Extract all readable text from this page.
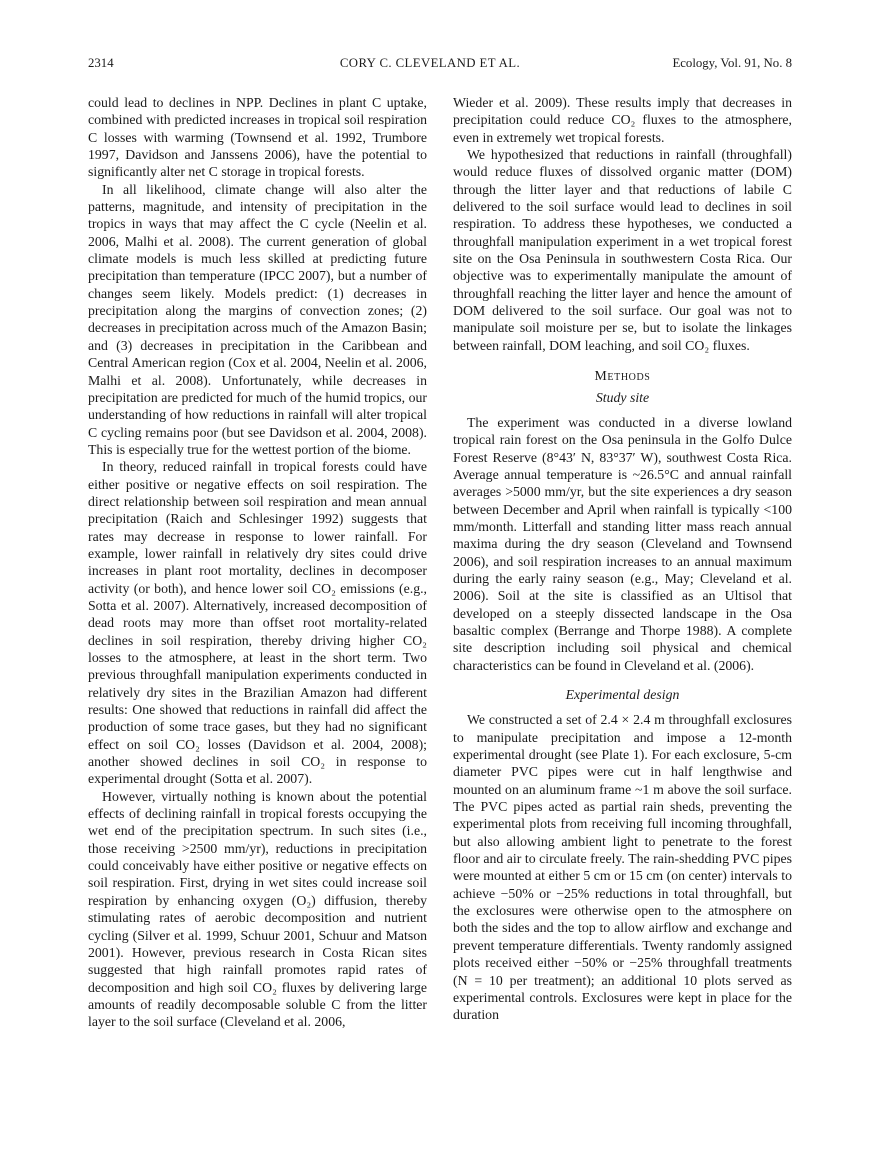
2314	CORY C. CLEVELAND ET AL.	Ecology, Vol. 91, No. 8

could lead to declines in NPP. Declines in plant C uptake, combined with predicted increases in tropical soil respiration C losses with warming (Townsend et al. 1992, Trumbore 1997, Davidson and Janssens 2006), have the potential to significantly alter net C storage in tropical forests.

In all likelihood, climate change will also alter the patterns, magnitude, and intensity of precipitation in the tropics in ways that may affect the C cycle (Neelin et al. 2006, Malhi et al. 2008). The current generation of global climate models is much less skilled at predicting future precipitation than temperature (IPCC 2007), but a number of changes seem likely. Models predict: (1) decreases in precipitation along the margins of convection zones; (2) decreases in precipitation across much of the Amazon Basin; and (3) decreases in precipitation in the Caribbean and Central American region (Cox et al. 2004, Neelin et al. 2006, Malhi et al. 2008). Unfortunately, while decreases in precipitation are predicted for much of the humid tropics, our understanding of how reductions in rainfall will alter tropical C cycling remains poor (but see Davidson et al. 2004, 2008). This is especially true for the wettest portion of the biome.

In theory, reduced rainfall in tropical forests could have either positive or negative effects on soil respiration. The direct relationship between soil respiration and mean annual precipitation (Raich and Schlesinger 1992) suggests that rates may decrease in response to lower rainfall. For example, lower rainfall in relatively dry sites could drive increases in plant root mortality, declines in decomposer activity (or both), and hence lower soil CO₂ emissions (e.g., Sotta et al. 2007). Alternatively, increased decomposition of dead roots may more than offset root mortality-related declines in soil respiration, thereby driving higher CO₂ losses to the atmosphere, at least in the short term. Two previous throughfall manipulation experiments conducted in relatively dry sites in the Brazilian Amazon had different results: One showed that reductions in rainfall did affect the production of some trace gases, but they had no significant effect on soil CO₂ losses (Davidson et al. 2004, 2008); another showed declines in soil CO₂ in response to experimental drought (Sotta et al. 2007).

However, virtually nothing is known about the potential effects of declining rainfall in tropical forests occupying the wet end of the precipitation spectrum. In such sites (i.e., those receiving >2500 mm/yr), reductions in precipitation could conceivably have either positive or negative effects on soil respiration. First, drying in wet sites could increase soil respiration by enhancing oxygen (O₂) diffusion, thereby stimulating rates of aerobic decomposition and nutrient cycling (Silver et al. 1999, Schuur 2001, Schuur and Matson 2001). However, previous research in Costa Rican sites suggested that high rainfall promotes rapid rates of decomposition and high soil CO₂ fluxes by delivering large amounts of readily decomposable soluble C from the litter layer to the soil surface (Cleveland et al. 2006,

Wieder et al. 2009). These results imply that decreases in precipitation could reduce CO₂ fluxes to the atmosphere, even in extremely wet tropical forests.

We hypothesized that reductions in rainfall (throughfall) would reduce fluxes of dissolved organic matter (DOM) through the litter layer and that reductions of labile C delivered to the soil surface would lead to declines in soil respiration. To address these hypotheses, we conducted a throughfall manipulation experiment in a wet tropical forest site on the Osa Peninsula in southwestern Costa Rica. Our objective was to experimentally manipulate the amount of throughfall reaching the litter layer and hence the amount of DOM delivered to the soil surface. Our goal was not to manipulate soil moisture per se, but to isolate the linkages between rainfall, DOM leaching, and soil CO₂ fluxes.

Methods
Study site

The experiment was conducted in a diverse lowland tropical rain forest on the Osa peninsula in the Golfo Dulce Forest Reserve (8°43′ N, 83°37′ W), southwest Costa Rica. Average annual temperature is ~26.5°C and annual rainfall averages >5000 mm/yr, but the site experiences a dry season between December and April when rainfall is typically <100 mm/month. Litterfall and standing litter mass reach annual maxima during the dry season (Cleveland and Townsend 2006), and soil respiration increases to an annual maximum during the early rainy season (e.g., May; Cleveland et al. 2006). Soil at the site is classified as an Ultisol that developed on a steeply dissected landscape in the Osa basaltic complex (Berrange and Thorpe 1988). A complete site description including soil physical and chemical characteristics can be found in Cleveland et al. (2006).

Experimental design

We constructed a set of 2.4 × 2.4 m throughfall exclosures to manipulate precipitation and impose a 12-month experimental drought (see Plate 1). For each exclosure, 5-cm diameter PVC pipes were cut in half lengthwise and mounted on an aluminum frame ~1 m above the soil surface. The PVC pipes acted as partial rain sheds, preventing the experimental plots from receiving full incoming throughfall, but also allowing ambient light to penetrate to the forest floor and air to circulate freely. The rain-shedding PVC pipes were mounted at either 5 cm or 15 cm (on center) intervals to achieve −50% or −25% reductions in total throughfall, but the exclosures were otherwise open to the atmosphere on both the sides and the top to allow airflow and exchange and prevent temperature differentials. Twenty randomly assigned plots received either −50% or −25% throughfall treatments (N = 10 per treatment); an additional 10 plots served as experimental controls. Exclosures were kept in place for the duration
